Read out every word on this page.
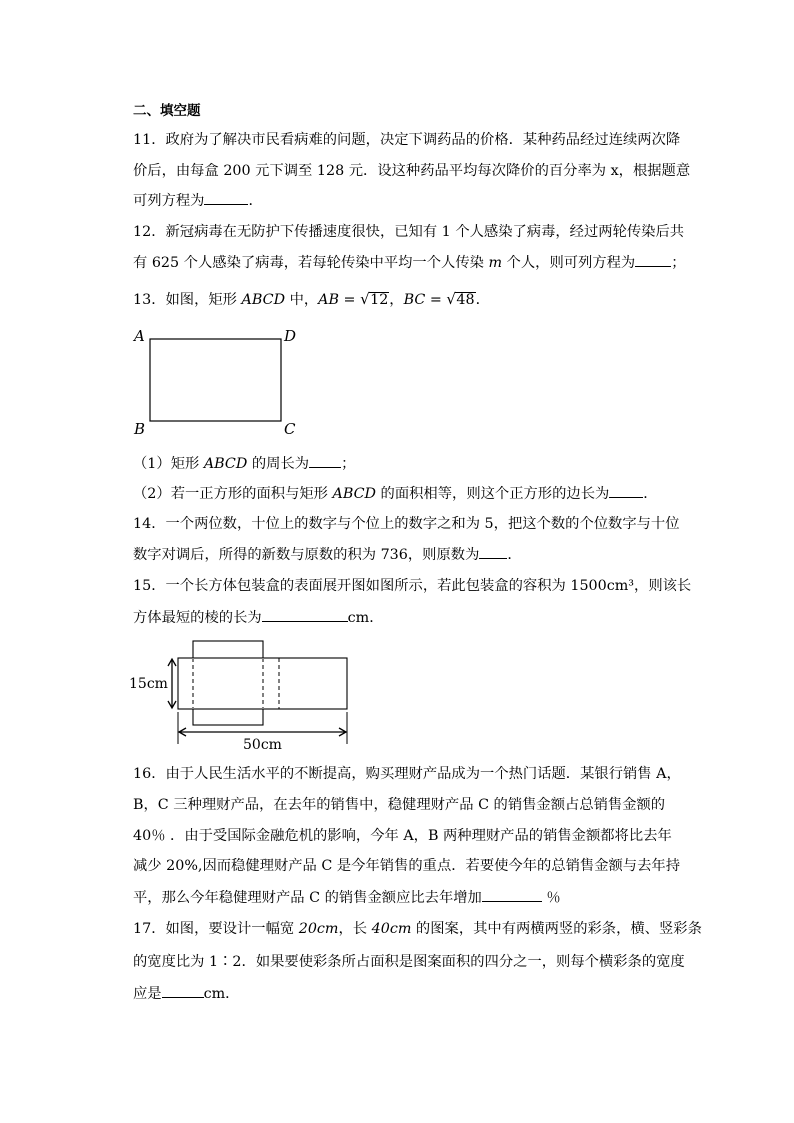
二、填空题
11．政府为了解决市民看病难的问题，决定下调药品的价格．某种药品经过连续两次降
价后，由每盒 200 元下调至 128 元．设这种药品平均每次降价的百分率为 x，根据题意
可列方程为	．
12．新冠病毒在无防护下传播速度很快，已知有 1 个人感染了病毒，经过两轮传染后共
有 625 个人感染了病毒，若每轮传染中平均一个人传染 m 个人，则可列方程为	；
13．如图，矩形 ABCD 中，AB = √ 12，BC = √ 48．
A	D
B	C
（1）矩形 ABCD 的周长为 ；
（2）若一正方形的面积与矩形 ABCD 的面积相等，则这个正方形的边长为 ．
14．一个两位数，十位上的数字与个位上的数字之和为 5，把这个数的个位数字与十位
数字对调后，所得的新数与原数的积为 736，则原数为 ．
15．一个长方体包装盒的表面展开图如图所示，若此包装盒的容积为 1500cm³，则该长
方体最短的棱的长为	cm．
15cm
50cm
16．由于人民生活水平的不断提高，购买理财产品成为一个热门话题．某银行销售 A，
B，C 三种理财产品，在去年的销售中，稳健理财产品 C 的销售金额占总销售金额的
40％ ．由于受国际金融危机的影响，今年 A，B 两种理财产品的销售金额都将比去年
减少 20%,因而稳健理财产品 C 是今年销售的重点．若要使今年的总销售金额与去年持
平，那么今年稳健理财产品 C 的销售金额应比去年增加	％
17．如图，要设计一幅宽 20cm，长 40cm 的图案，其中有两横两竖的彩条，横、竖彩条
的宽度比为 1∶2．如果要使彩条所占面积是图案面积的四分之一，则每个横彩条的宽度
应是	cm．
